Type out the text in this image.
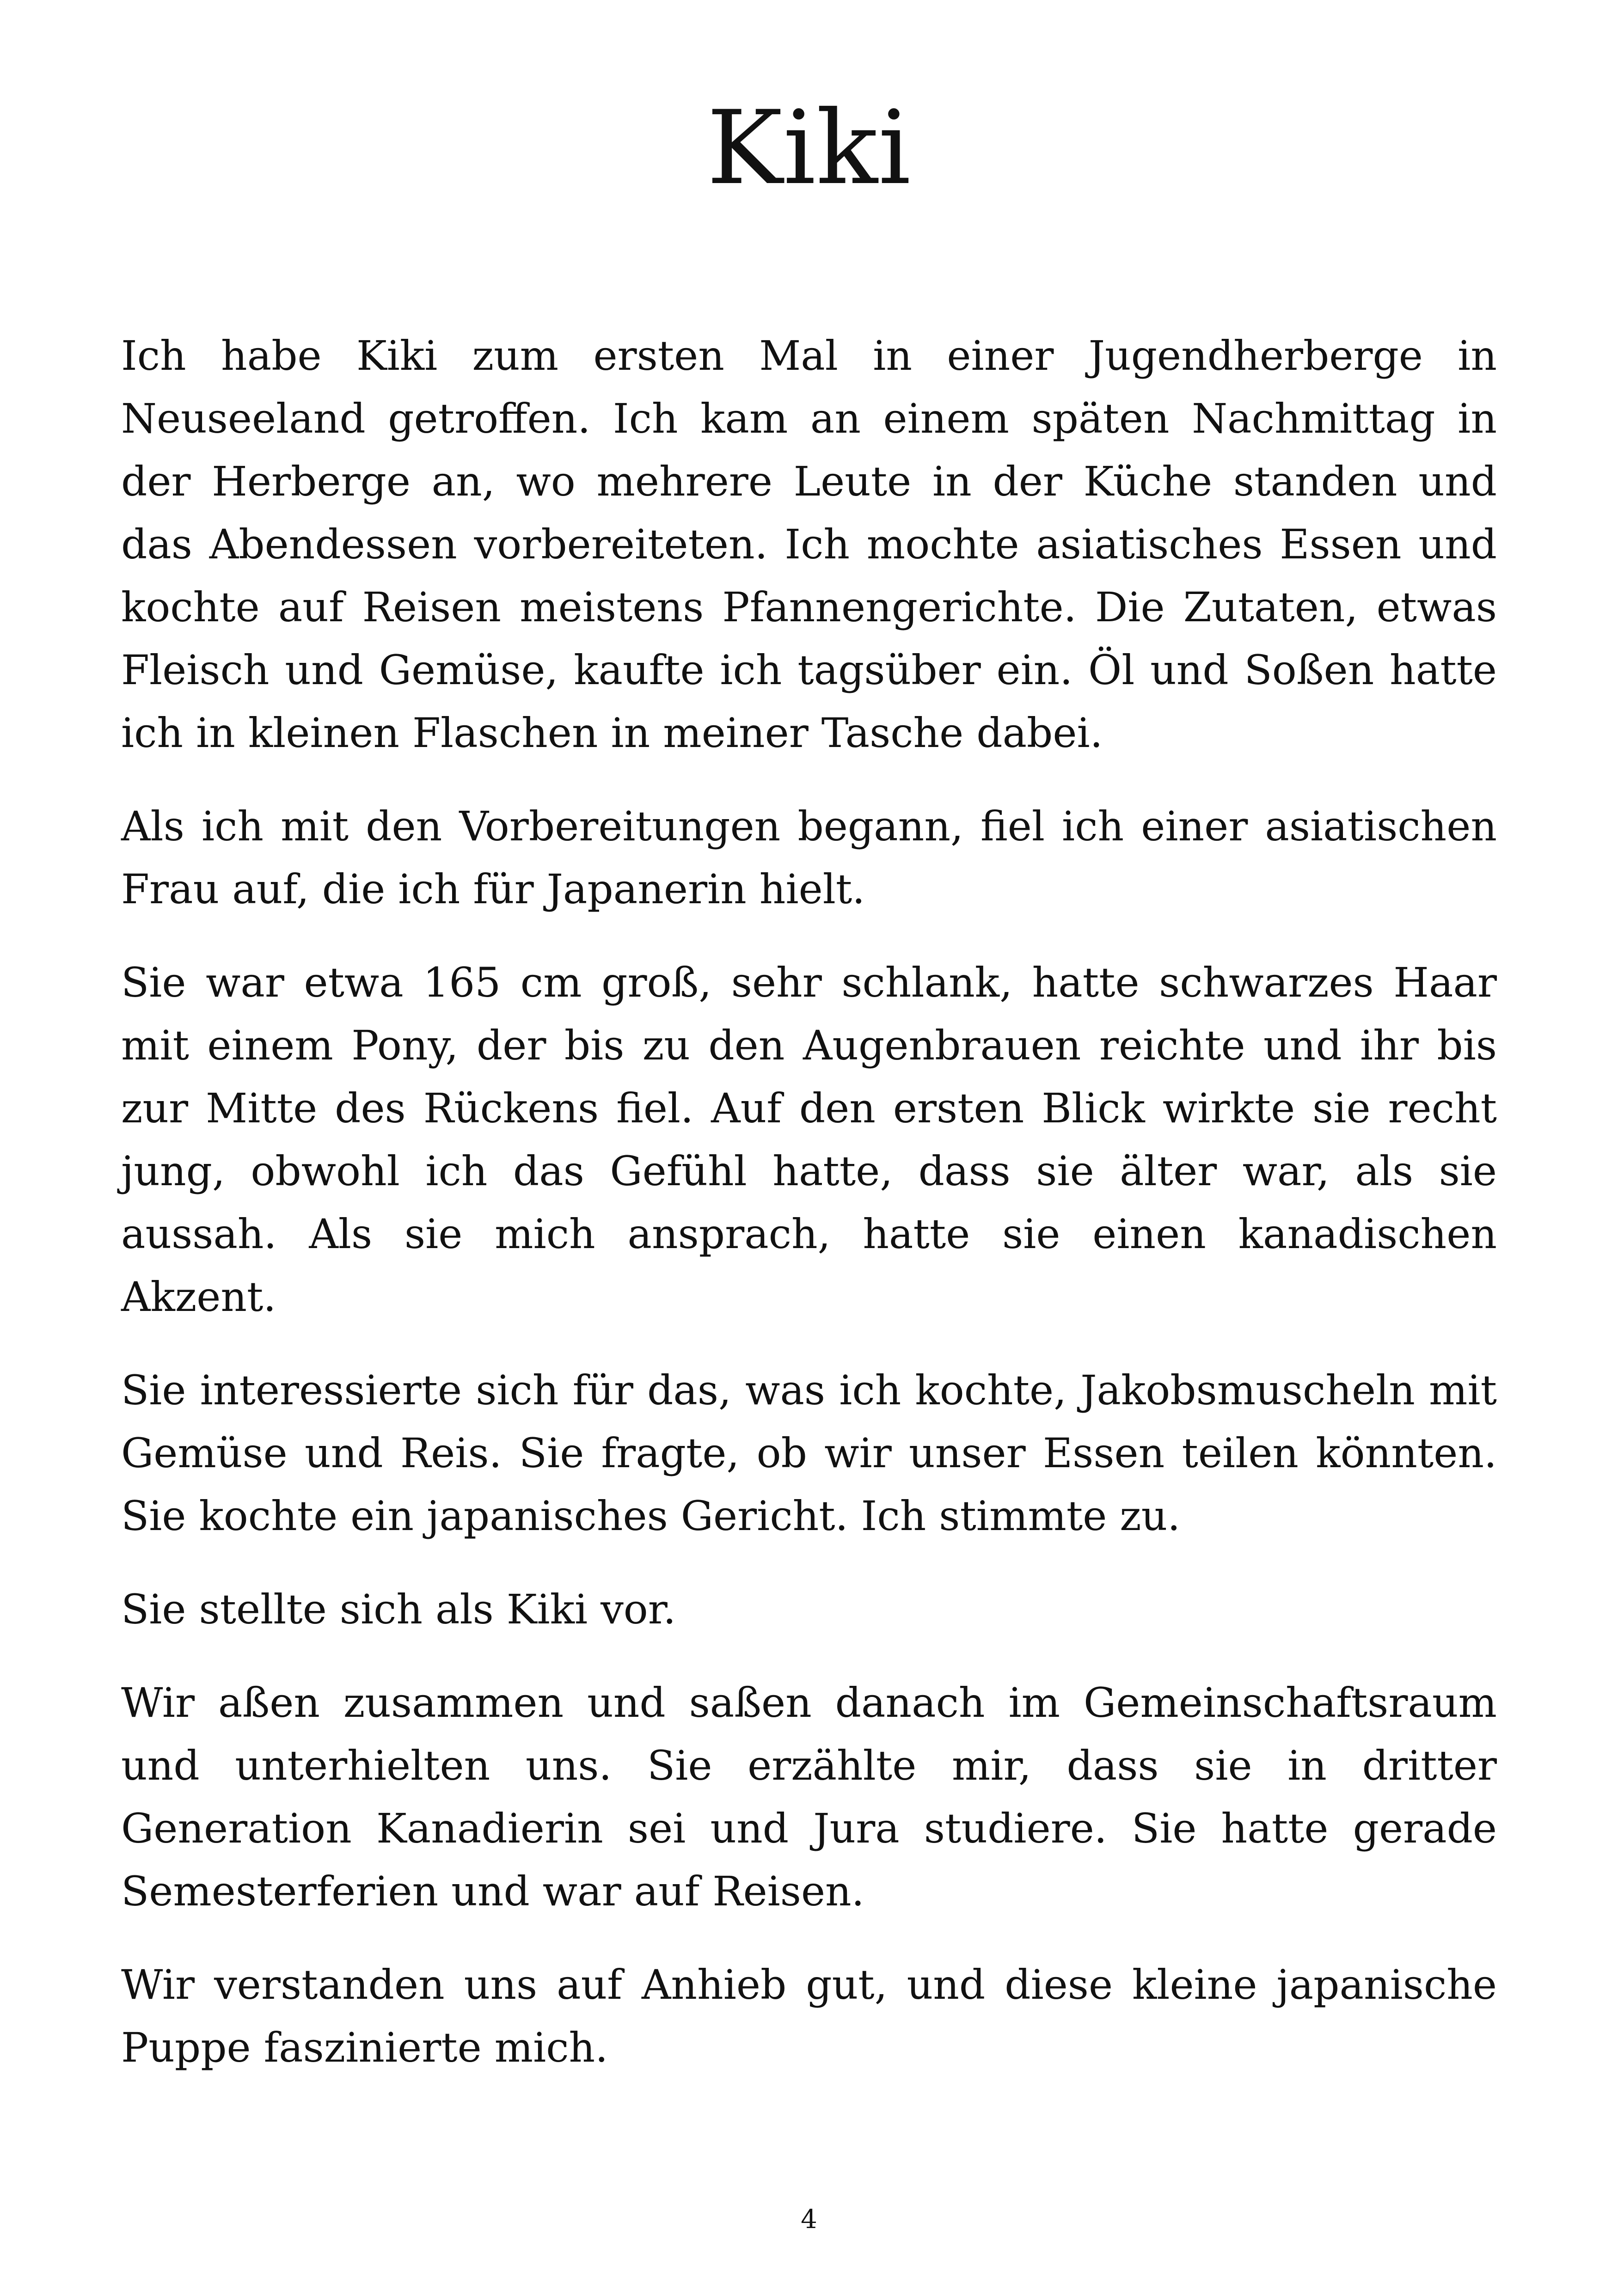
Kiki

Ich habe Kiki zum ersten Mal in einer Jugendherberge in Neuseeland getroffen. Ich kam an einem späten Nachmittag in der Herberge an, wo mehrere Leute in der Küche standen und das Abendessen vorbereiteten. Ich mochte asiatisches Essen und kochte auf Reisen meistens Pfannengerichte. Die Zutaten, etwas Fleisch und Gemüse, kaufte ich tagsüber ein. Öl und Soßen hatte ich in kleinen Flaschen in meiner Tasche dabei.

Als ich mit den Vorbereitungen begann, fiel ich einer asiatischen Frau auf, die ich für Japanerin hielt.

Sie war etwa 165 cm groß, sehr schlank, hatte schwarzes Haar mit einem Pony, der bis zu den Augenbrauen reichte und ihr bis zur Mitte des Rückens fiel. Auf den ersten Blick wirkte sie recht jung, obwohl ich das Gefühl hatte, dass sie älter war, als sie aussah. Als sie mich ansprach, hatte sie einen kanadischen Akzent.

Sie interessierte sich für das, was ich kochte, Jakobsmuscheln mit Gemüse und Reis. Sie fragte, ob wir unser Essen teilen könnten. Sie kochte ein japanisches Gericht. Ich stimmte zu.

Sie stellte sich als Kiki vor.

Wir aßen zusammen und saßen danach im Gemeinschaftsraum und unterhielten uns. Sie erzählte mir, dass sie in dritter Generation Kanadierin sei und Jura studiere. Sie hatte gerade Semesterferien und war auf Reisen.

Wir verstanden uns auf Anhieb gut, und diese kleine japanische Puppe faszinierte mich.

4
